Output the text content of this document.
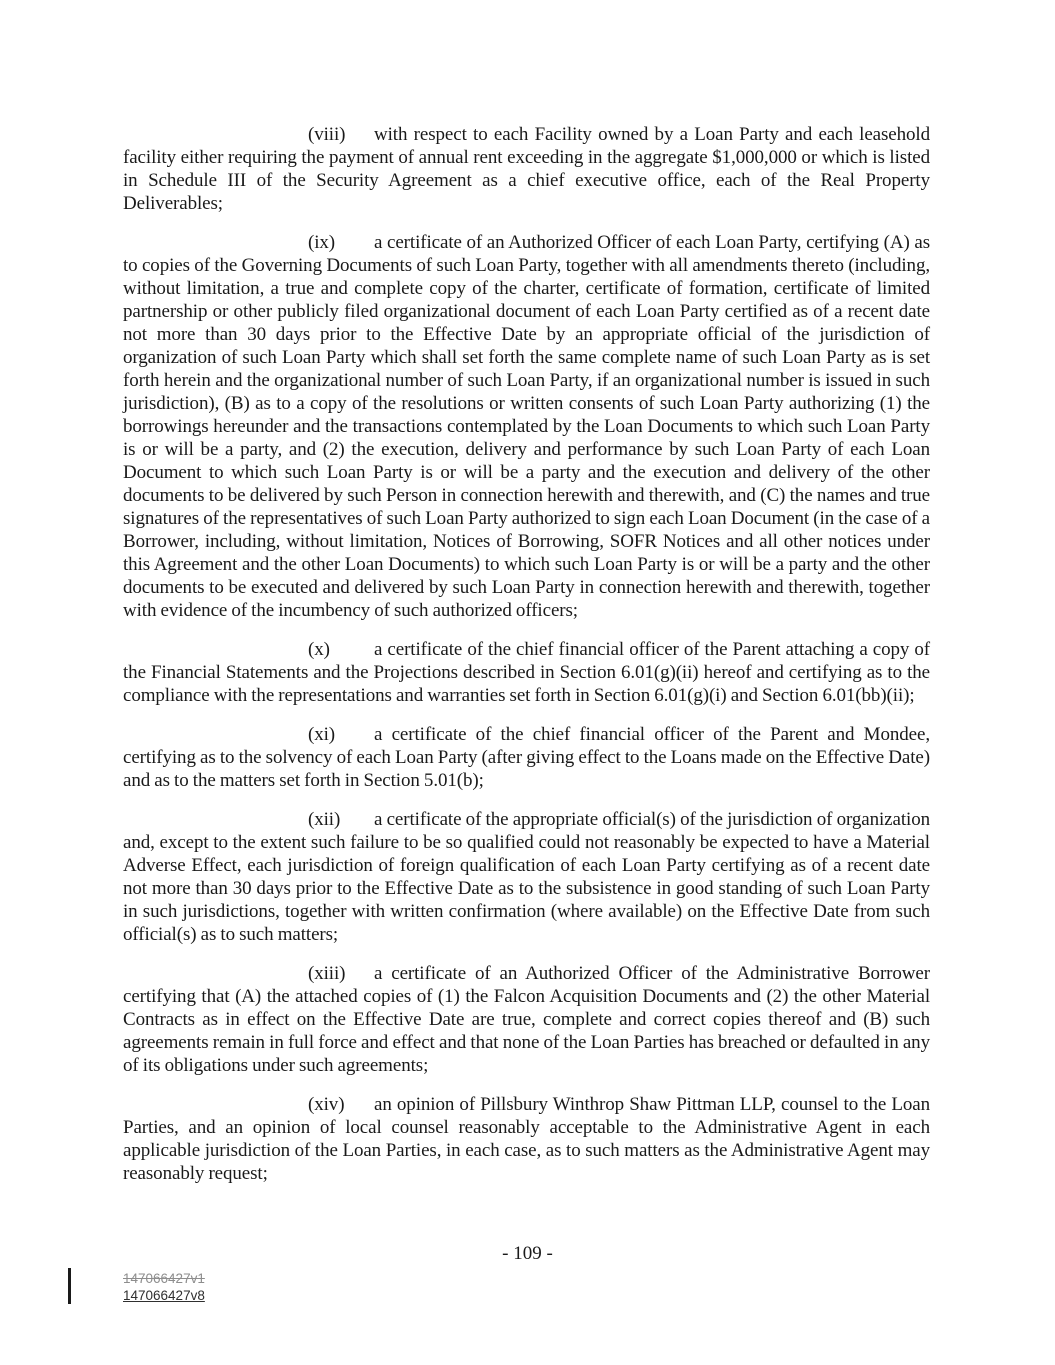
(viii) with respect to each Facility owned by a Loan Party and each leasehold facility either requiring the payment of annual rent exceeding in the aggregate $1,000,000 or which is listed in Schedule III of the Security Agreement as a chief executive office, each of the Real Property Deliverables;

(ix) a certificate of an Authorized Officer of each Loan Party, certifying (A) as to copies of the Governing Documents of such Loan Party, together with all amendments thereto (including, without limitation, a true and complete copy of the charter, certificate of formation, certificate of limited partnership or other publicly filed organizational document of each Loan Party certified as of a recent date not more than 30 days prior to the Effective Date by an appropriate official of the jurisdiction of organization of such Loan Party which shall set forth the same complete name of such Loan Party as is set forth herein and the organizational number of such Loan Party, if an organizational number is issued in such jurisdiction), (B) as to a copy of the resolutions or written consents of such Loan Party authorizing (1) the borrowings hereunder and the transactions contemplated by the Loan Documents to which such Loan Party is or will be a party, and (2) the execution, delivery and performance by such Loan Party of each Loan Document to which such Loan Party is or will be a party and the execution and delivery of the other documents to be delivered by such Person in connection herewith and therewith, and (C) the names and true signatures of the representatives of such Loan Party authorized to sign each Loan Document (in the case of a Borrower, including, without limitation, Notices of Borrowing, SOFR Notices and all other notices under this Agreement and the other Loan Documents) to which such Loan Party is or will be a party and the other documents to be executed and delivered by such Loan Party in connection herewith and therewith, together with evidence of the incumbency of such authorized officers;

(x) a certificate of the chief financial officer of the Parent attaching a copy of the Financial Statements and the Projections described in Section 6.01(g)(ii) hereof and certifying as to the compliance with the representations and warranties set forth in Section 6.01(g)(i) and Section 6.01(bb)(ii);

(xi) a certificate of the chief financial officer of the Parent and Mondee, certifying as to the solvency of each Loan Party (after giving effect to the Loans made on the Effective Date) and as to the matters set forth in Section 5.01(b);

(xii) a certificate of the appropriate official(s) of the jurisdiction of organization and, except to the extent such failure to be so qualified could not reasonably be expected to have a Material Adverse Effect, each jurisdiction of foreign qualification of each Loan Party certifying as of a recent date not more than 30 days prior to the Effective Date as to the subsistence in good standing of such Loan Party in such jurisdictions, together with written confirmation (where available) on the Effective Date from such official(s) as to such matters;

(xiii) a certificate of an Authorized Officer of the Administrative Borrower certifying that (A) the attached copies of (1) the Falcon Acquisition Documents and (2) the other Material Contracts as in effect on the Effective Date are true, complete and correct copies thereof and (B) such agreements remain in full force and effect and that none of the Loan Parties has breached or defaulted in any of its obligations under such agreements;

(xiv) an opinion of Pillsbury Winthrop Shaw Pittman LLP, counsel to the Loan Parties, and an opinion of local counsel reasonably acceptable to the Administrative Agent in each applicable jurisdiction of the Loan Parties, in each case, as to such matters as the Administrative Agent may reasonably request;

- 109 -
147066427v1
147066427v8
